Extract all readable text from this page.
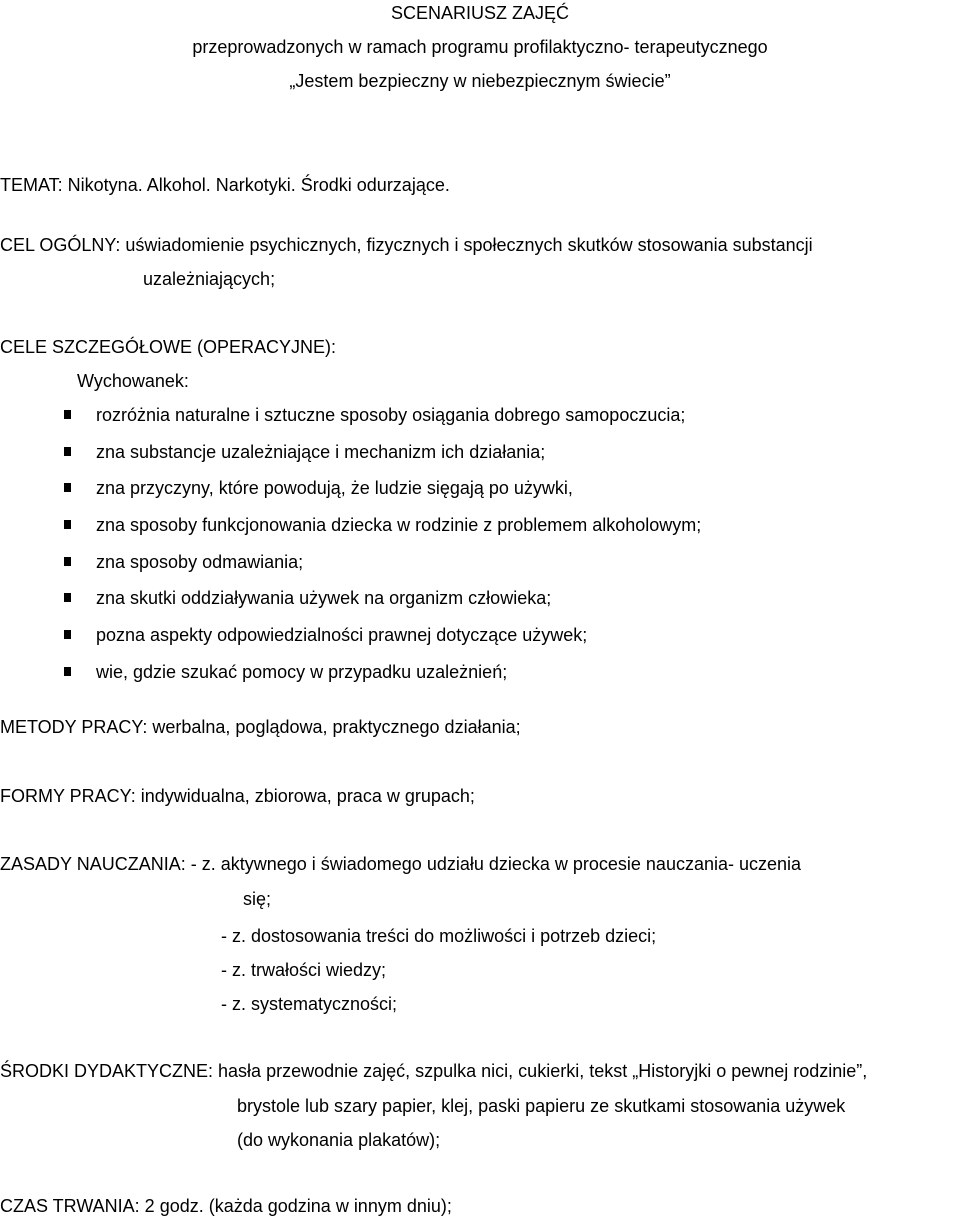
SCENARIUSZ ZAJĘĆ
przeprowadzonych w ramach programu profilaktyczno- terapeutycznego
„Jestem bezpieczny w niebezpiecznym świecie”
TEMAT: Nikotyna. Alkohol. Narkotyki. Środki odurzające.
CEL OGÓLNY: uświadomienie psychicznych, fizycznych i społecznych skutków stosowania substancji
uzależniających;
CELE SZCZEGÓŁOWE (OPERACYJNE):
Wychowanek:
rozróżnia naturalne i sztuczne sposoby osiągania dobrego samopoczucia;
zna substancje uzależniające i mechanizm ich działania;
zna przyczyny, które powodują, że ludzie sięgają po używki,
zna sposoby funkcjonowania dziecka w rodzinie z problemem alkoholowym;
zna sposoby odmawiania;
zna skutki oddziaływania używek na organizm człowieka;
pozna aspekty odpowiedzialności prawnej dotyczące używek;
wie, gdzie szukać pomocy w przypadku uzależnień;
METODY PRACY: werbalna, poglądowa, praktycznego działania;
FORMY PRACY: indywidualna, zbiorowa, praca w grupach;
ZASADY NAUCZANIA: - z. aktywnego i świadomego udziału dziecka w procesie nauczania- uczenia
się;
- z. dostosowania treści do możliwości i potrzeb dzieci;
- z. trwałości wiedzy;
- z. systematyczności;
ŚRODKI DYDAKTYCZNE: hasła przewodnie zajęć, szpulka nici, cukierki, tekst „Historyjki o pewnej rodzinie”,
brystole lub szary papier, klej, paski papieru ze skutkami stosowania używek
(do wykonania plakatów);
CZAS TRWANIA: 2 godz. (każda godzina w innym dniu);
